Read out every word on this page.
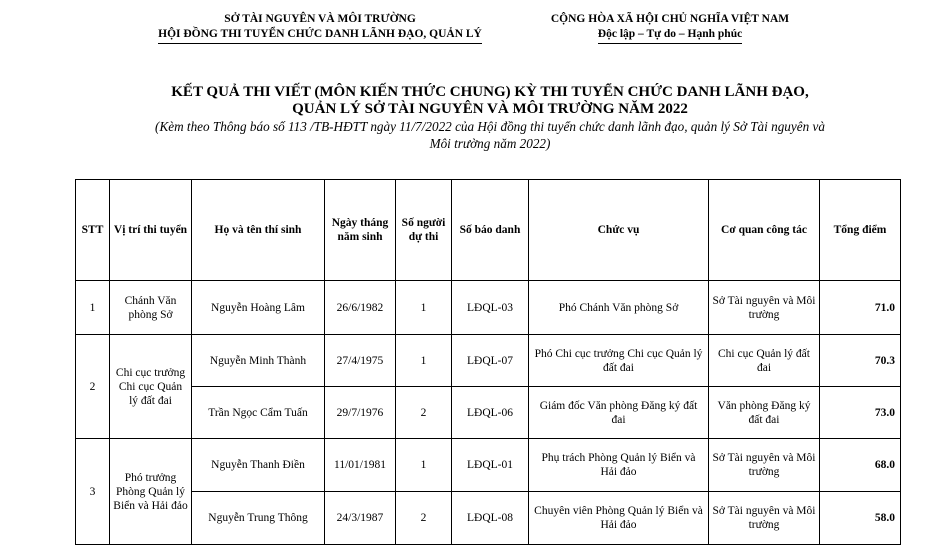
SỞ TÀI NGUYÊN VÀ MÔI TRƯỜNG
HỘI ĐỒNG THI TUYỂN CHỨC DANH LÃNH ĐẠO, QUẢN LÝ
CỘNG HÒA XÃ HỘI CHỦ NGHĨA VIỆT NAM
Độc lập – Tự do – Hạnh phúc
KẾT QUẢ THI VIẾT (MÔN KIẾN THỨC CHUNG) KỲ THI TUYỂN CHỨC DANH LÃNH ĐẠO,
QUẢN LÝ SỞ TÀI NGUYÊN VÀ MÔI TRƯỜNG NĂM 2022
(Kèm theo Thông báo số 113 /TB-HĐTT ngày 11/7/2022 của Hội đồng thi tuyển chức danh lãnh đạo, quản lý Sở Tài nguyên và
Môi trường năm 2022)
STT	Vị trí thi tuyển	Họ và tên thí sinh	Ngày tháng năm sinh	Số người dự thi	Số báo danh	Chức vụ	Cơ quan công tác	Tổng điểm
1	Chánh Văn phòng Sở	Nguyễn Hoàng Lâm	26/6/1982	1	LĐQL-03	Phó Chánh Văn phòng Sở	Sở Tài nguyên và Môi trường	71.0
2	Chi cục trưởng Chi cục Quản lý đất đai	Nguyễn Minh Thành	27/4/1975	1	LĐQL-07	Phó Chi cục trưởng Chi cục Quản lý đất đai	Chi cục Quản lý đất đai	70.3
		Trần Ngọc Cẩm Tuấn	29/7/1976	2	LĐQL-06	Giám đốc Văn phòng Đăng ký đất đai	Văn phòng Đăng ký đất đai	73.0
3	Phó trưởng Phòng Quản lý Biển và Hải đảo	Nguyễn Thanh Điền	11/01/1981	1	LĐQL-01	Phụ trách Phòng Quản lý Biển và Hải đảo	Sở Tài nguyên và Môi trường	68.0
		Nguyễn Trung Thông	24/3/1987	2	LĐQL-08	Chuyên viên Phòng Quản lý Biển và Hải đảo	Sở Tài nguyên và Môi trường	58.0
